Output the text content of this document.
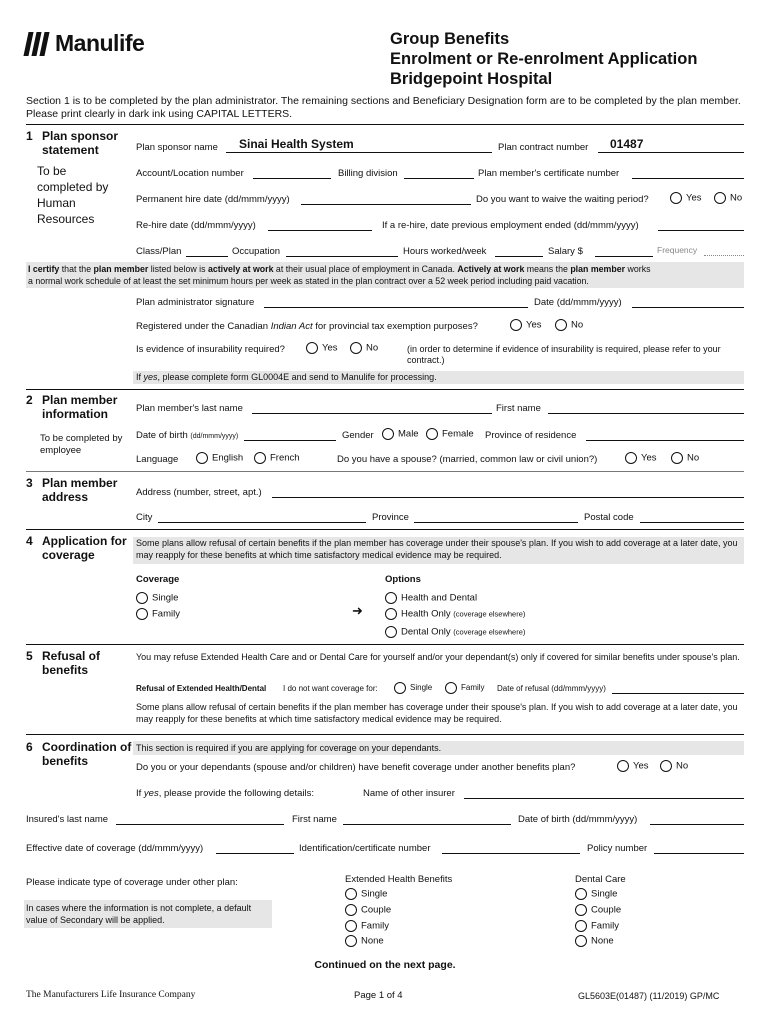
Manulife	Group Benefits
Enrolment or Re-enrolment Application
Bridgepoint Hospital
Section 1 is to be completed by the plan administrator. The remaining sections and Beneficiary Designation form are to be completed by the plan member. Please print clearly in dark ink using CAPITAL LETTERS.
1 Plan sponsor statement
To be completed by Human Resources
Plan sponsor name Sinai Health System	Plan contract number 01487
Account/Location number	Billing division	Plan member's certificate number
Permanent hire date (dd/mmm/yyyy)	Do you want to waive the waiting period?	Yes	No
Re-hire date (dd/mmm/yyyy)	If a re-hire, date previous employment ended (dd/mmm/yyyy)
Class/Plan	Occupation	Hours worked/week	Salary $	Frequency
I certify that the plan member listed below is actively at work at their usual place of employment in Canada. Actively at work means the plan member works
a normal work schedule of at least the set minimum hours per week as stated in the plan contract over a 52 week period including paid vacation.
Plan administrator signature	Date (dd/mmm/yyyy)
Registered under the Canadian Indian Act for provincial tax exemption purposes?	Yes	No
Is evidence of insurability required?	Yes	No	(in order to determine if evidence of insurability is required, please refer to your contract.)
If yes, please complete form GL0004E and send to Manulife for processing.
2 Plan member information
To be completed by employee
Plan member's last name	First name
Date of birth (dd/mmm/yyyy)	Gender	Male	Female Province of residence
Language	English	French	Do you have a spouse? (married, common law or civil union?)	Yes	No
3 Plan member address	Address (number, street, apt.)
City	Province	Postal code
4 Application for coverage
Some plans allow refusal of certain benefits if the plan member has coverage under their spouse's plan. If you wish to add coverage at a later date, you may reapply for these benefits at which time satisfactory medical evidence may be required.
Coverage	Options
Single
Family	➜
Health and Dental
Health Only (coverage elsewhere)
Dental Only (coverage elsewhere)
5 Refusal of benefits
You may refuse Extended Health Care and or Dental Care for yourself and/or your dependant(s) only if covered for similar benefits under spouse's plan.
Refusal of Extended Health/Dental I do not want coverage for:	Single	Family Date of refusal (dd/mmm/yyyy)
Some plans allow refusal of certain benefits if the plan member has coverage under their spouse's plan. If you wish to add coverage at a later date, you may reapply for these benefits at which time satisfactory medical evidence may be required.
6 Coordination of benefits
This section is required if you are applying for coverage on your dependants.
Do you or your dependants (spouse and/or children) have benefit coverage under another benefits plan?	Yes	No
If yes, please provide the following details:	Name of other insurer
Insured's last name	First name	Date of birth (dd/mmm/yyyy)
Effective date of coverage (dd/mmm/yyyy)	Identification/certificate number	Policy number
Please indicate type of coverage under other plan:
In cases where the information is not complete, a default value of Secondary will be applied.
Extended Health Benefits
Single
Couple
Family
None
Dental Care
Single
Couple
Family
None
Continued on the next page.
The Manufacturers Life Insurance Company	Page 1 of 4	GL5603E(01487) (11/2019) GP/MC
